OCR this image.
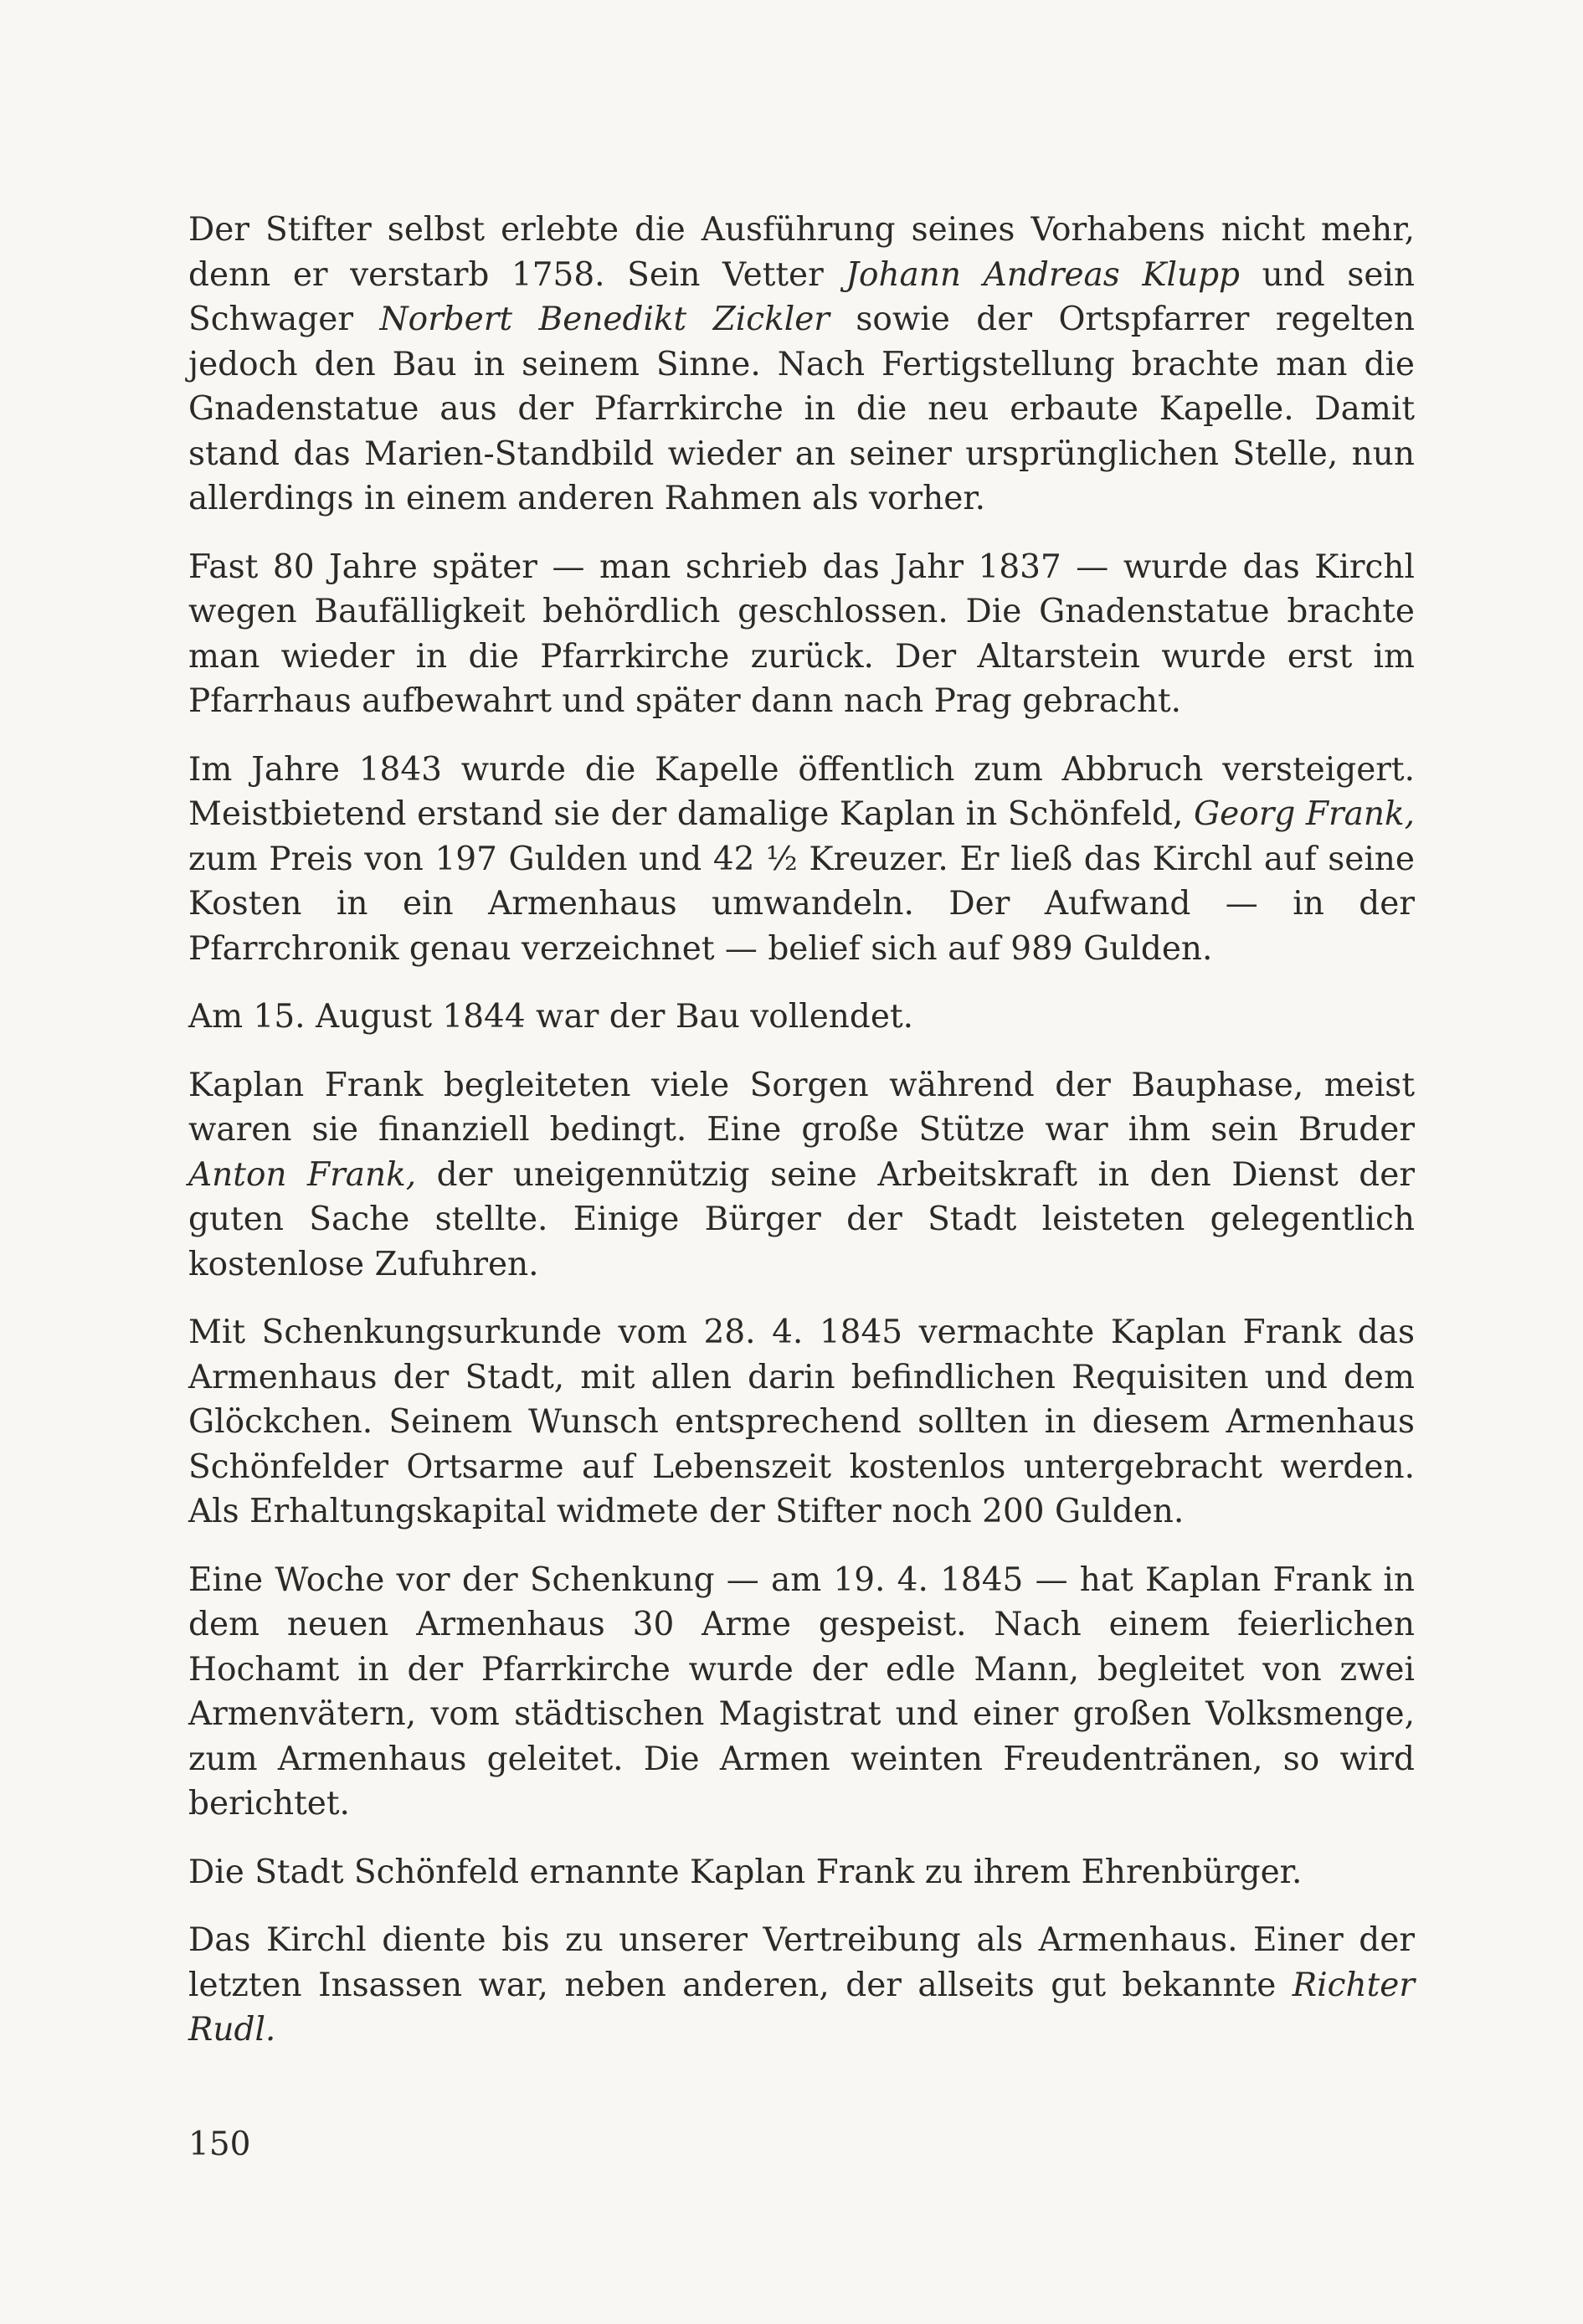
Der Stifter selbst erlebte die Ausführung seines Vorhabens nicht mehr, denn er verstarb 1758. Sein Vetter Johann Andreas Klupp und sein Schwager Norbert Benedikt Zickler sowie der Ortspfarrer regelten jedoch den Bau in seinem Sinne. Nach Fertigstellung brachte man die Gnadenstatue aus der Pfarrkirche in die neu erbaute Kapelle. Damit stand das Marien-Standbild wieder an seiner ursprünglichen Stelle, nun allerdings in einem anderen Rahmen als vorher.

Fast 80 Jahre später — man schrieb das Jahr 1837 — wurde das Kirchl wegen Baufälligkeit behördlich geschlossen. Die Gnadenstatue brachte man wieder in die Pfarrkirche zurück. Der Altarstein wurde erst im Pfarrhaus aufbewahrt und später dann nach Prag gebracht.

Im Jahre 1843 wurde die Kapelle öffentlich zum Abbruch versteigert. Meistbietend erstand sie der damalige Kaplan in Schönfeld, Georg Frank, zum Preis von 197 Gulden und 42 ½ Kreuzer. Er ließ das Kirchl auf seine Kosten in ein Armenhaus umwandeln. Der Aufwand — in der Pfarrchronik genau verzeichnet — belief sich auf 989 Gulden.

Am 15. August 1844 war der Bau vollendet.

Kaplan Frank begleiteten viele Sorgen während der Bauphase, meist waren sie finanziell bedingt. Eine große Stütze war ihm sein Bruder Anton Frank, der uneigennützig seine Arbeitskraft in den Dienst der guten Sache stellte. Einige Bürger der Stadt leisteten gelegentlich kostenlose Zufuhren.

Mit Schenkungsurkunde vom 28. 4. 1845 vermachte Kaplan Frank das Armenhaus der Stadt, mit allen darin befindlichen Requisiten und dem Glöckchen. Seinem Wunsch entsprechend sollten in diesem Armenhaus Schönfelder Ortsarme auf Lebenszeit kostenlos untergebracht werden. Als Erhaltungskapital widmete der Stifter noch 200 Gulden.

Eine Woche vor der Schenkung — am 19. 4. 1845 — hat Kaplan Frank in dem neuen Armenhaus 30 Arme gespeist. Nach einem feierlichen Hochamt in der Pfarrkirche wurde der edle Mann, begleitet von zwei Armenvätern, vom städtischen Magistrat und einer großen Volksmenge, zum Armenhaus geleitet. Die Armen weinten Freudentränen, so wird berichtet.

Die Stadt Schönfeld ernannte Kaplan Frank zu ihrem Ehrenbürger.

Das Kirchl diente bis zu unserer Vertreibung als Armenhaus. Einer der letzten Insassen war, neben anderen, der allseits gut bekannte Richter Rudl.

150
